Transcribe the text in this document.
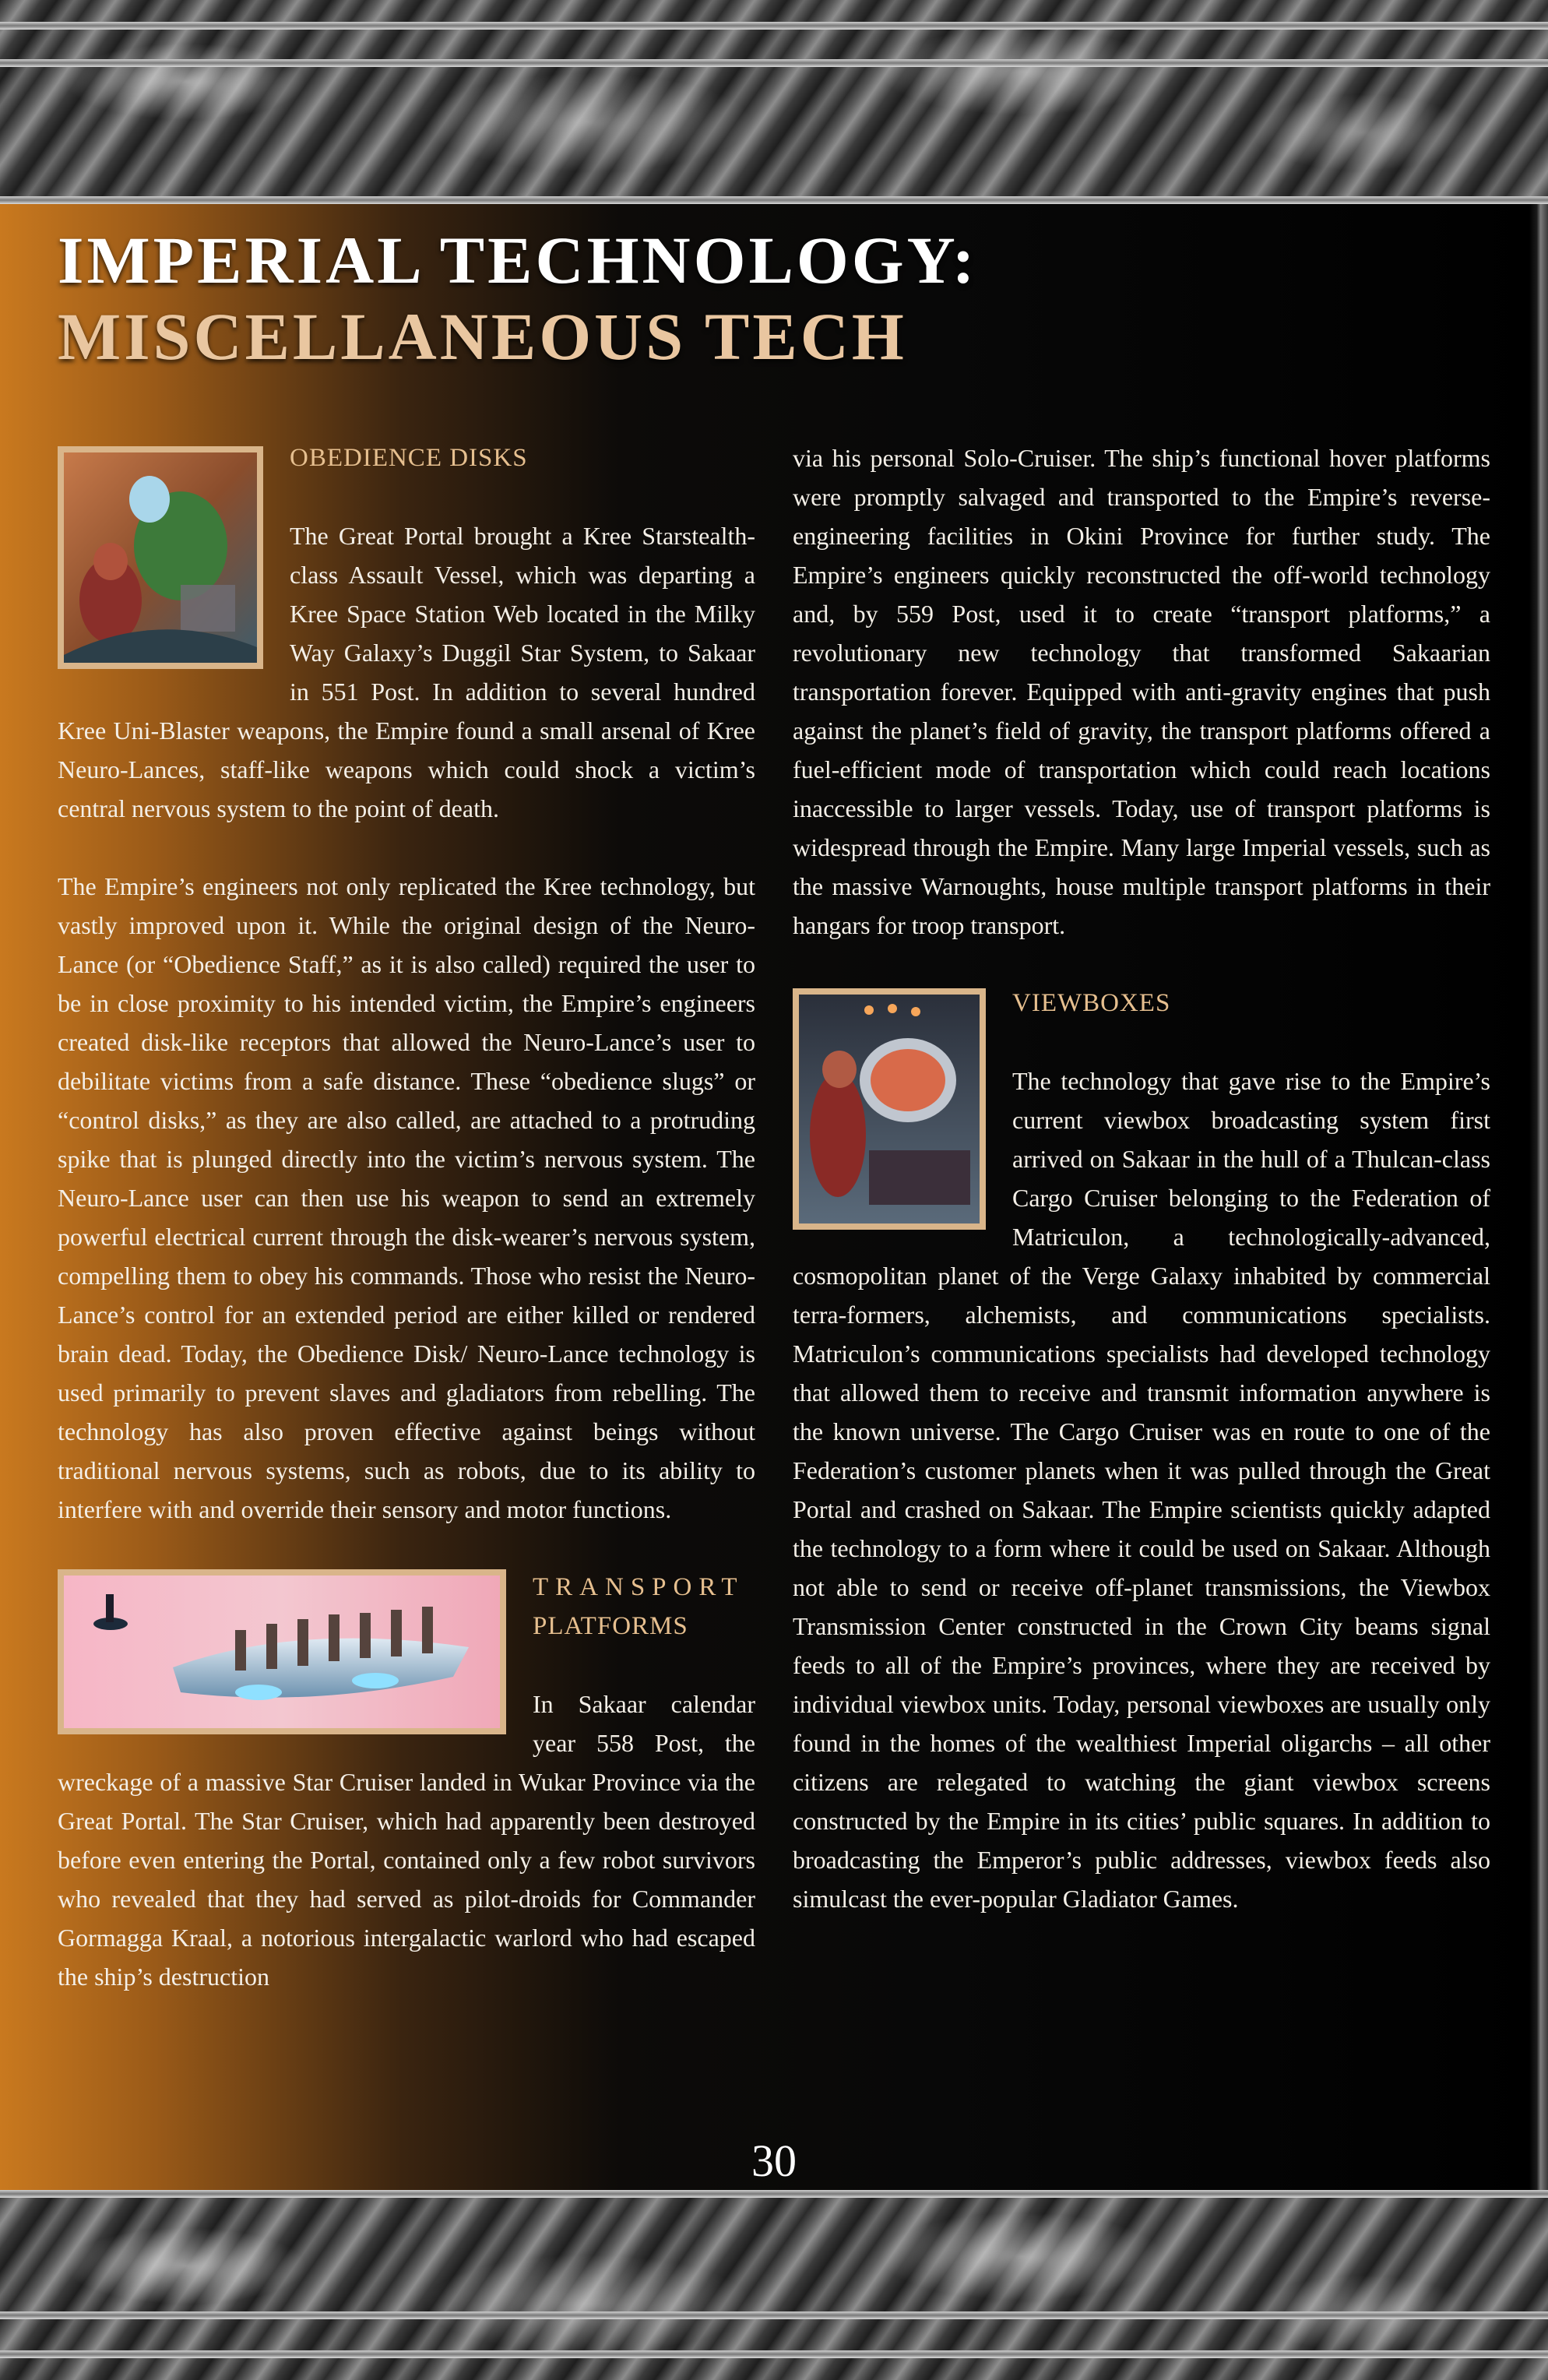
IMPERIAL TECHNOLOGY:
MISCELLANEOUS TECH

OBEDIENCE DISKS

The Great Portal brought a Kree Starstealth-class Assault Vessel, which was departing a Kree Space Station Web located in the Milky Way Galaxy’s Duggil Star System, to Sakaar in 551 Post. In addition to several hundred Kree Uni-Blaster weapons, the Empire found a small arsenal of Kree Neuro-Lances, staff-like weapons which could shock a victim’s central nervous system to the point of death.

The Empire’s engineers not only replicated the Kree technology, but vastly improved upon it. While the original design of the Neuro-Lance (or “Obedience Staff,” as it is also called) required the user to be in close proximity to his intended victim, the Empire’s engineers created disk-like receptors that allowed the Neuro-Lance’s user to debilitate victims from a safe distance. These “obedience slugs” or “control disks,” as they are also called, are attached to a protruding spike that is plunged directly into the victim’s nervous system. The Neuro-Lance user can then use his weapon to send an extremely powerful electrical current through the disk-wearer’s nervous system, compelling them to obey his commands. Those who resist the Neuro-Lance’s control for an extended period are either killed or rendered brain dead. Today, the Obedience Disk/ Neuro-Lance technology is used primarily to prevent slaves and gladiators from rebelling. The technology has also proven effective against beings without traditional nervous systems, such as robots, due to its ability to interfere with and override their sensory and motor functions.

TRANSPORT

PLATFORMS

In Sakaar calendar year 558 Post, the wreckage of a massive Star Cruiser landed in Wukar Province via the Great Portal. The Star Cruiser, which had apparently been destroyed before even entering the Portal, contained only a few robot survivors who revealed that they had served as pilot-droids for Commander Gormagga Kraal, a notorious intergalactic warlord who had escaped the ship’s destruction

via his personal Solo-Cruiser. The ship’s functional hover platforms were promptly salvaged and transported to the Empire’s reverse-engineering facilities in Okini Province for further study. The Empire’s engineers quickly reconstructed the off-world technology and, by 559 Post, used it to create “transport platforms,” a revolutionary new technology that transformed Sakaarian transportation forever. Equipped with anti-gravity engines that push against the planet’s field of gravity, the transport platforms offered a fuel-efficient mode of transportation which could reach locations inaccessible to larger vessels. Today, use of transport platforms is widespread through the Empire. Many large Imperial vessels, such as the massive Warnoughts, house multiple transport platforms in their hangars for troop transport.

VIEWBOXES

The technology that gave rise to the Empire’s current viewbox broadcasting system first arrived on Sakaar in the hull of a Thulcan-class Cargo Cruiser belonging to the Federation of Matriculon, a technologically-advanced, cosmopolitan planet of the Verge Galaxy inhabited by commercial terra-formers, alchemists, and communications specialists. Matriculon’s communications specialists had developed technology that allowed them to receive and transmit information anywhere is the known universe. The Cargo Cruiser was en route to one of the Federation’s customer planets when it was pulled through the Great Portal and crashed on Sakaar. The Empire scientists quickly adapted the technology to a form where it could be used on Sakaar. Although not able to send or receive off-planet transmissions, the Viewbox Transmission Center constructed in the Crown City beams signal feeds to all of the Empire’s provinces, where they are received by individual viewbox units. Today, personal viewboxes are usually only found in the homes of the wealthiest Imperial oligarchs – all other citizens are relegated to watching the giant viewbox screens constructed by the Empire in its cities’ public squares. In addition to broadcasting the Emperor’s public addresses, viewbox feeds also simulcast the ever-popular Gladiator Games.

30
